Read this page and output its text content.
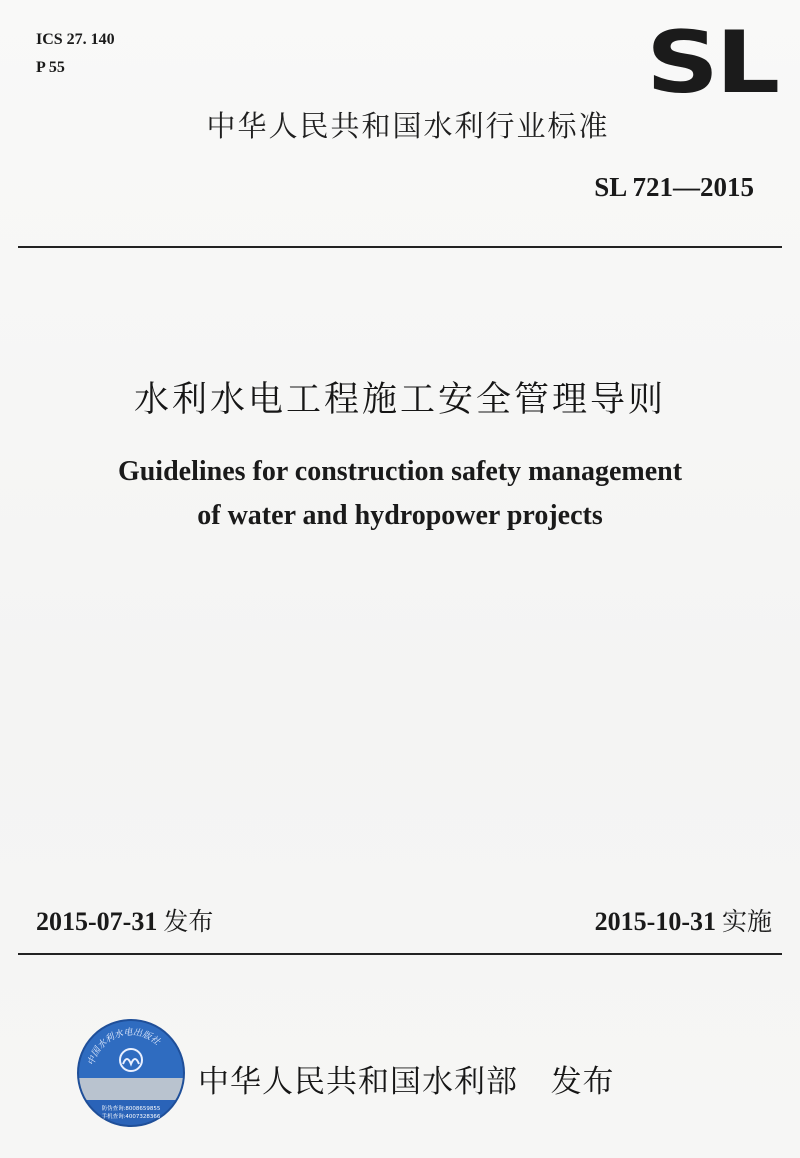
ICS 27. 140
P 55	SL
中华人民共和国水利行业标准
SL 721—2015
水利水电工程施工安全管理导则
Guidelines for construction safety management
of water and hydropower projects
2015-07-31 发布	2015-10-31 实施
中国水利水电出版社
防伪查询:8008659855
手机查询:4007328366
中华人民共和国水利部 发布
